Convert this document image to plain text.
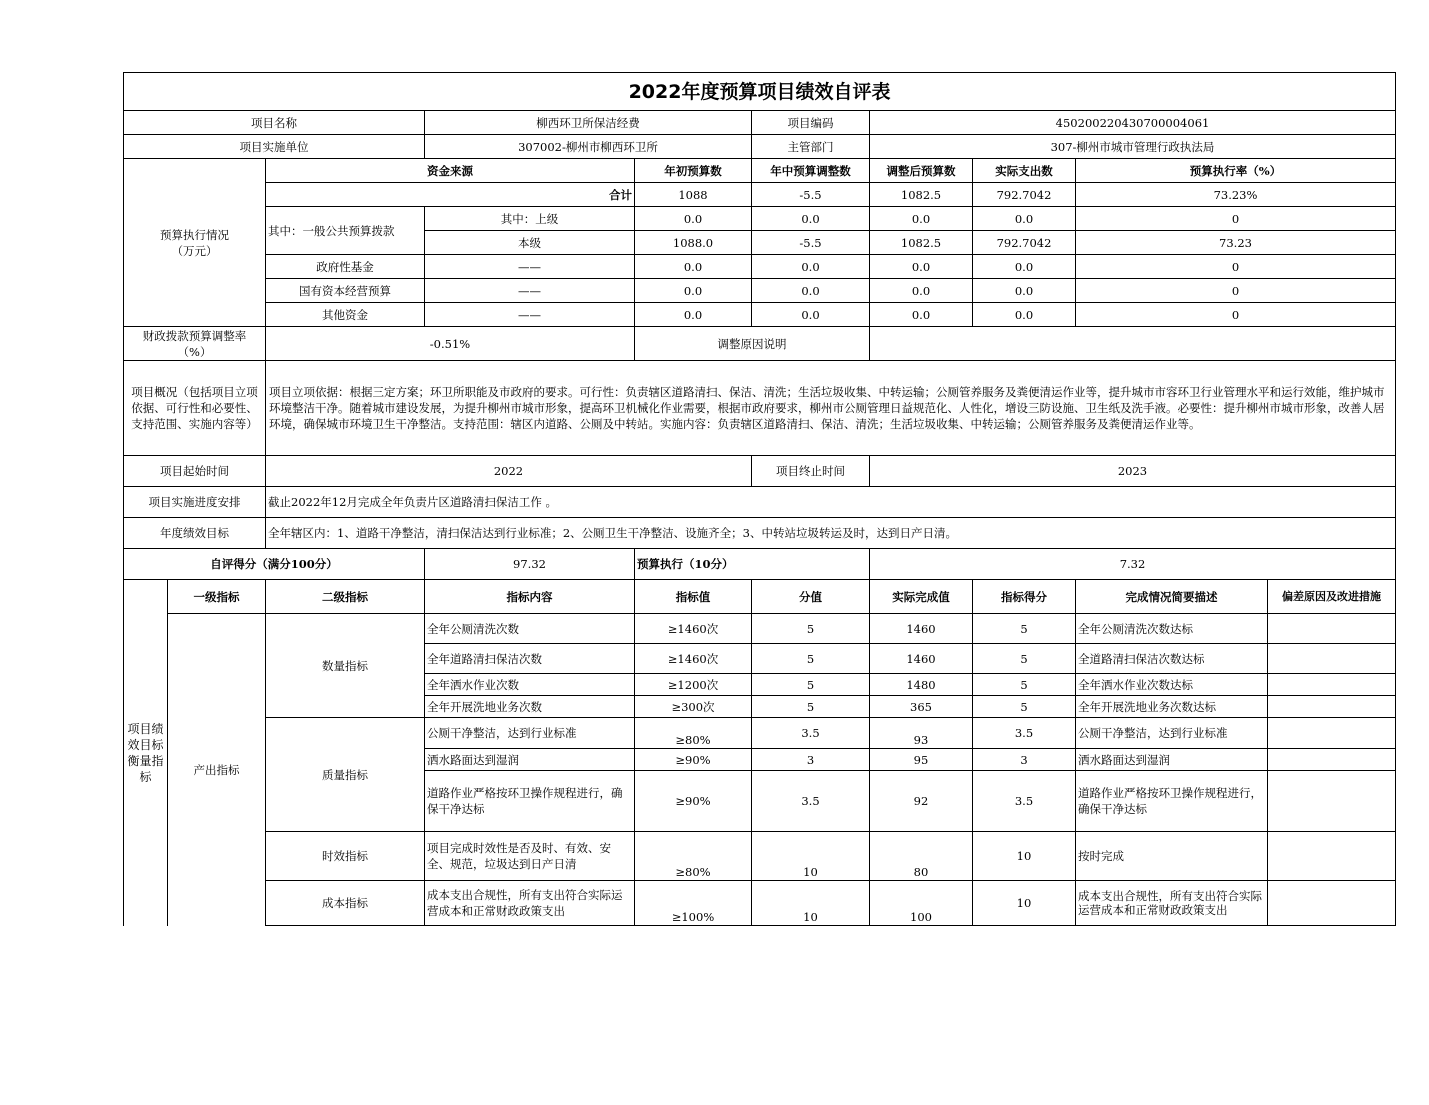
2022年度预算项目绩效自评表									
项目名称			柳西环卫所保洁经费		项目编码	450200220430700004061			
项目实施单位			307002-柳州市柳西环卫所		主管部门	307-柳州市城市管理行政执法局			
预算执行情况
（万元）		资金来源		年初预算数	年中预算调整数	调整后预算数	实际支出数	预算执行率（%）	
		合计		1088	-5.5	1082.5	792.7042	73.23%	
		其中：一般公共预算拨款	其中：上级	0.0	0.0	0.0	0.0	0	
			本级	1088.0	-5.5	1082.5	792.7042	73.23	
		政府性基金	——	0.0	0.0	0.0	0.0	0	
		国有资本经营预算	——	0.0	0.0	0.0	0.0	0	
		其他资金	——	0.0	0.0	0.0	0.0	0	
财政拨款预算调整率
（%）		-0.51%		调整原因说明					
项目概况（包括项目立项依据、可行性和必要性、支持范围、实施内容等）		项目立项依据：根据三定方案；环卫所职能及市政府的要求。可行性：负责辖区道路清扫、保洁、清洗；生活垃圾收集、中转运输；公厕管养服务及粪便清运作业等，提升城市市容环卫行业管理水平和运行效能，维护城市环境整洁干净。随着城市建设发展，为提升柳州市城市形象，提高环卫机械化作业需要，根据市政府要求，柳州市公厕管理日益规范化、人性化，增设三防设施、卫生纸及洗手液。必要性：提升柳州市城市形象，改善人居环境，确保城市环境卫生干净整洁。支持范围：辖区内道路、公厕及中转站。实施内容：负责辖区道路清扫、保洁、清洗；生活垃圾收集、中转运输；公厕管养服务及粪便清运作业等。							
项目起始时间		2022			项目终止时间	2023			
项目实施进度安排		截止2022年12月完成全年负责片区道路清扫保洁工作 。							
年度绩效目标		全年辖区内：1、道路干净整洁，清扫保洁达到行业标准；2、公厕卫生干净整洁、设施齐全；3、中转站垃圾转运及时，达到日产日清。							
自评得分（满分100分）			97.32	预算执行（10分）		7.32			
项目绩效目标衡量指标	一级指标	二级指标	指标内容	指标值	分值	实际完成值	指标得分	完成情况简要描述	偏差原因及改进措施
	产出指标	数量指标	全年公厕清洗次数	≥1460次	5	1460	5	全年公厕清洗次数达标	
			全年道路清扫保洁次数	≥1460次	5	1460	5	全道路清扫保洁次数达标	
			全年洒水作业次数	≥1200次	5	1480	5	全年洒水作业次数达标	
			全年开展洗地业务次数	≥300次	5	365	5	全年开展洗地业务次数达标	
		质量指标	公厕干净整洁，达到行业标准	≥80%	3.5	93	3.5	公厕干净整洁，达到行业标准	
			洒水路面达到湿润	≥90%	3	95	3	洒水路面达到湿润	
			道路作业严格按环卫操作规程进行，确保干净达标	≥90%	3.5	92	3.5	道路作业严格按环卫操作规程进行，确保干净达标	
		时效指标	项目完成时效性是否及时、有效、安全、规范，垃圾达到日产日清	≥80%	10	80	10	按时完成	
		成本指标	成本支出合规性，所有支出符合实际运营成本和正常财政政策支出	≥100%	10	100	10	成本支出合规性，所有支出符合实际运营成本和正常财政政策支出	
